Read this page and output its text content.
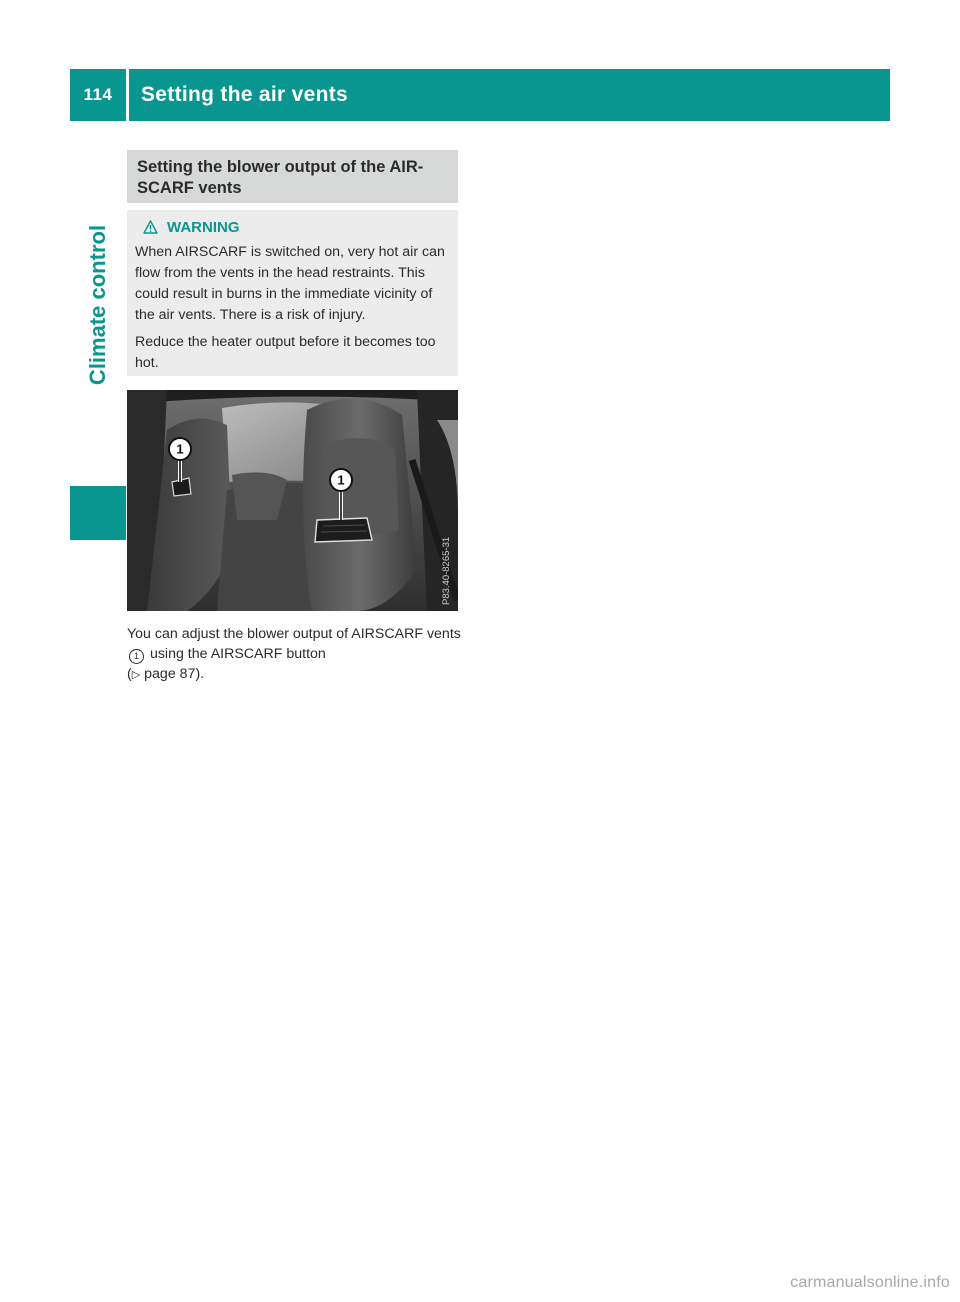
114	Setting the air vents
Climate control
Setting the blower output of the AIR-SCARF vents
WARNING

When AIRSCARF is switched on, very hot air can flow from the vents in the head restraints. This could result in burns in the immediate vicinity of the air vents. There is a risk of injury.

Reduce the heater output before it becomes too hot.

1
1
P83.40-8265-31
You can adjust the blower output of AIRSCARF vents 1 using the AIRSCARF button
(▷ page 87).
carmanualsonline.info
